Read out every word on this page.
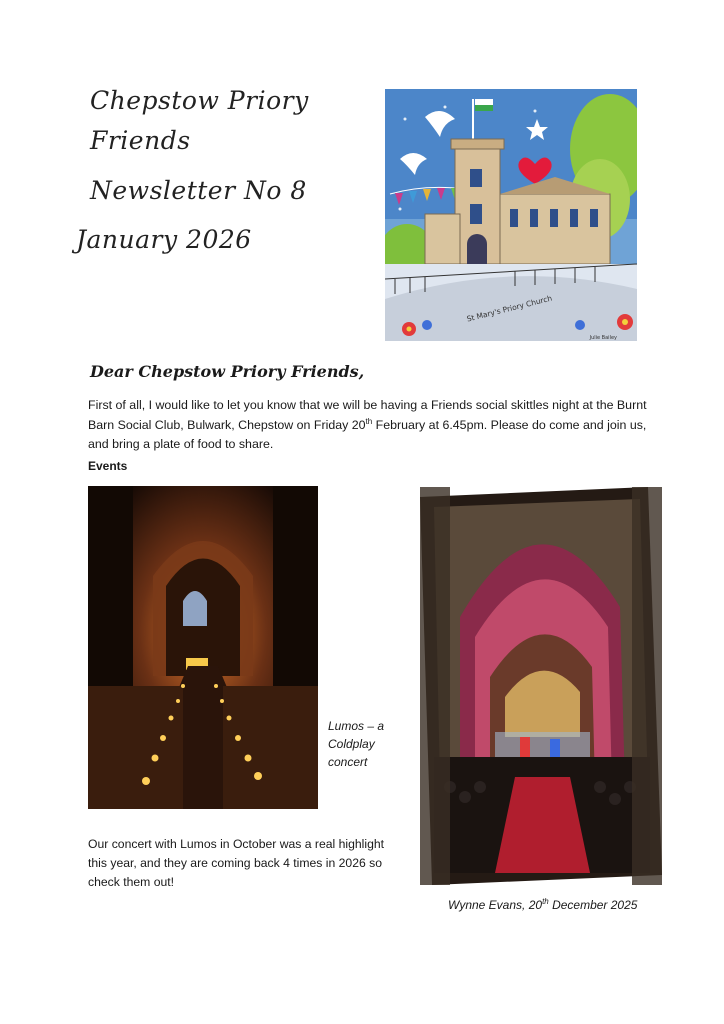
Chepstow Priory
Friends
Newsletter No 8
January 2026
St Mary's Priory Church
Julie Bailey
Dear Chepstow Priory Friends,
First of all, I would like to let you know that we will be having a Friends social skittles night at the Burnt Barn Social Club, Bulwark, Chepstow on Friday 20th February at 6.45pm. Please do come and join us, and bring a plate of food to share.
Events
Lumos – a Coldplay concert
Our concert with Lumos in October was a real highlight this year, and they are coming back 4 times in 2026 so check them out!
Wynne Evans, 20th December 2025
